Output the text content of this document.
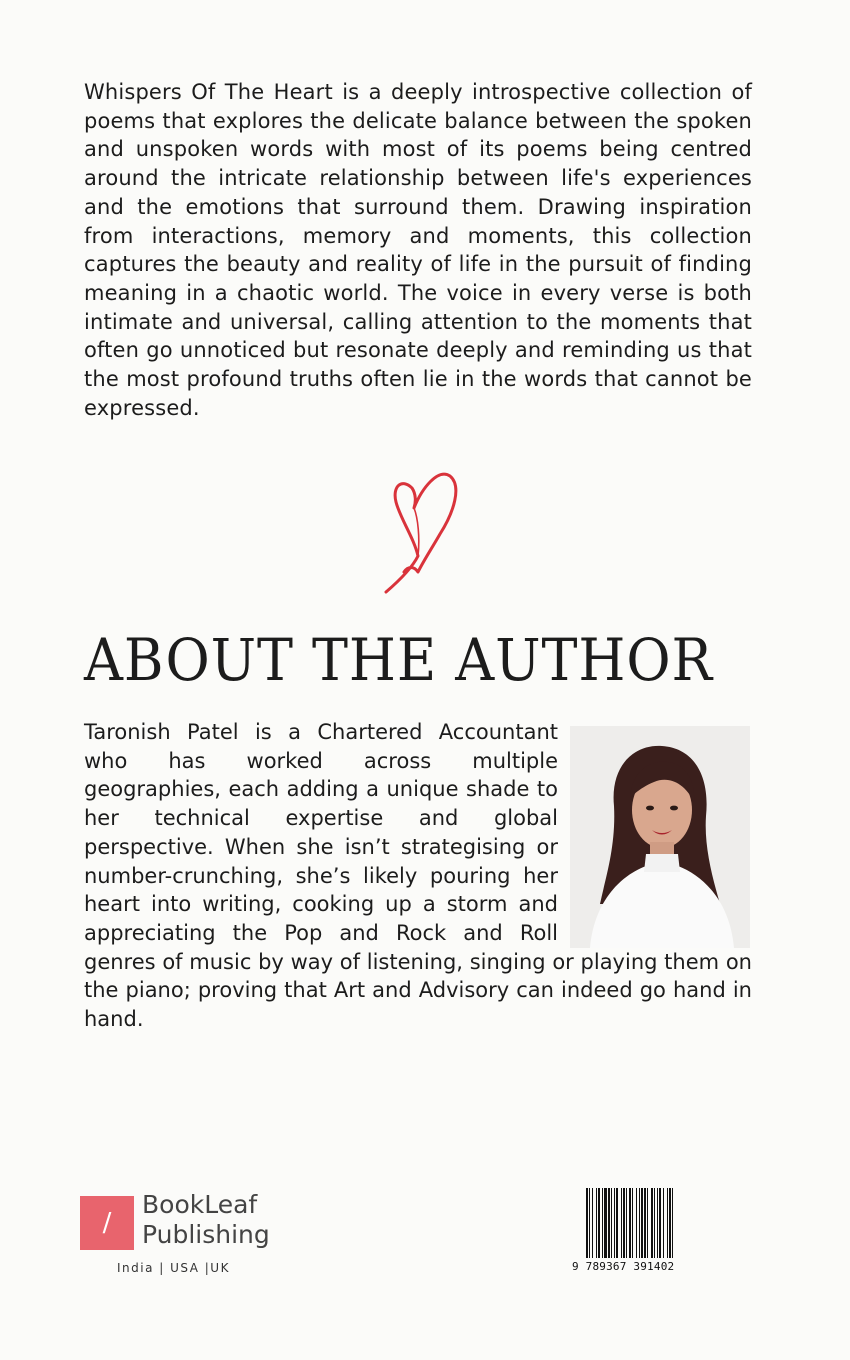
Whispers Of The Heart is a deeply introspective collection of poems that explores the delicate balance between the spoken and unspoken words with most of its poems being centred around the intricate relationship between life's experiences and the emotions that surround them. Drawing inspiration from interactions, memory and moments, this collection captures the beauty and reality of life in the pursuit of finding meaning in a chaotic world. The voice in every verse is both intimate and universal, calling attention to the moments that often go unnoticed but resonate deeply and reminding us that the most profound truths often lie in the words that cannot be expressed.

ABOUT THE AUTHOR

Taronish Patel is a Chartered Accountant who has worked across multiple geographies, each adding a unique shade to her technical expertise and global perspective. When she isn’t strategising or number-crunching, she’s likely pouring her heart into writing, cooking up a storm and appreciating the Pop and Rock and Roll genres of music by way of listening, singing or playing them on the piano; proving that Art and Advisory can indeed go hand in hand.

/
BookLeaf
Publishing
India | USA |UK	9 789367 391402
